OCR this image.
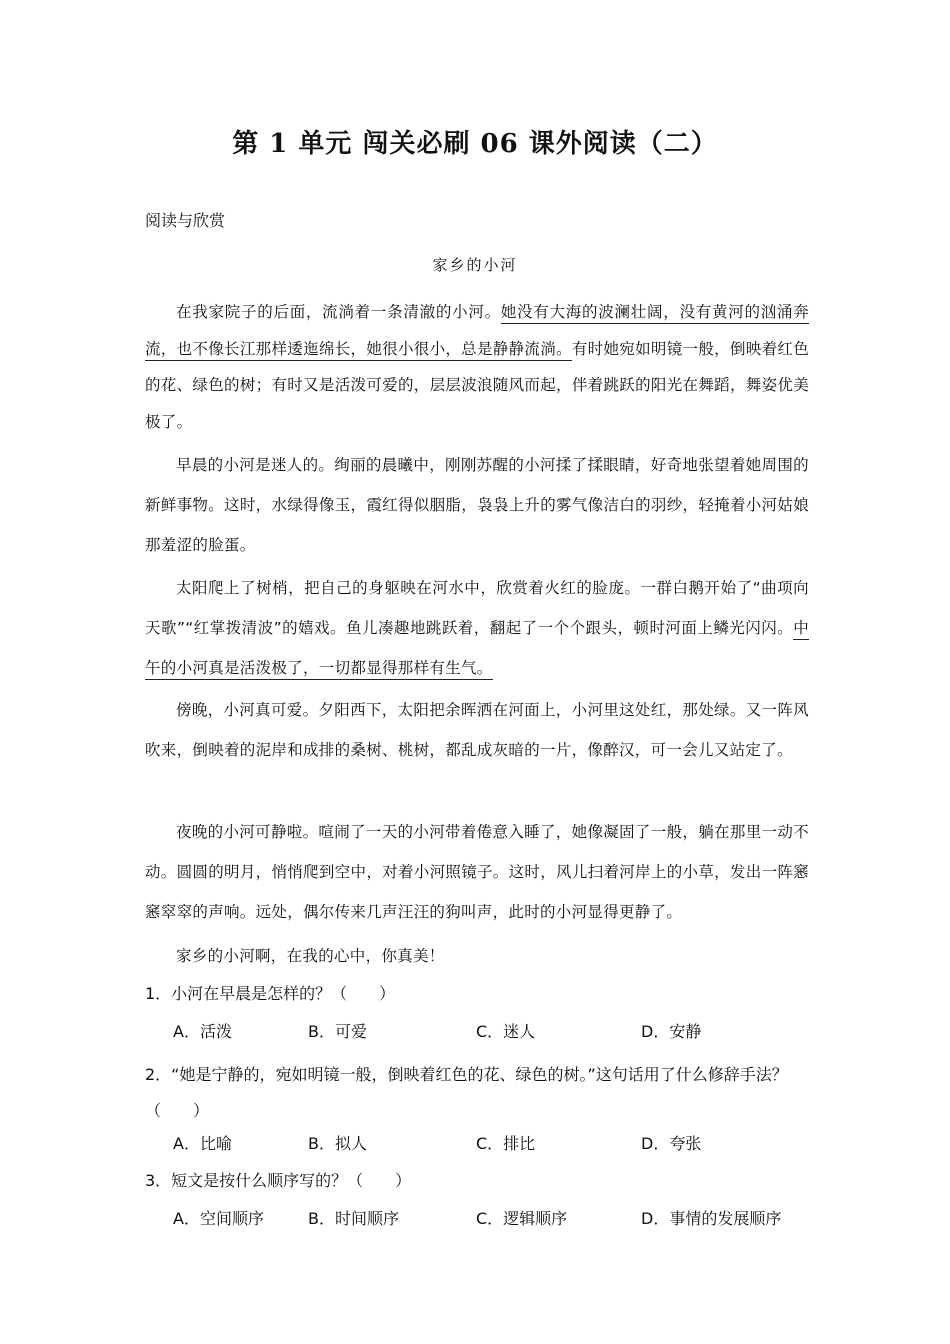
第 1 单元 闯关必刷 06 课外阅读（二）
阅读与欣赏
家乡的小河
在我家院子的后面，流淌着一条清澈的小河。她没有大海的波澜壮阔，没有黄河的汹涌奔流，也不像长江那样逶迤绵长，她很小很小，总是静静流淌。有时她宛如明镜一般，倒映着红色的花、绿色的树；有时又是活泼可爱的，层层波浪随风而起，伴着跳跃的阳光在舞蹈，舞姿优美极了。
早晨的小河是迷人的。绚丽的晨曦中，刚刚苏醒的小河揉了揉眼睛，好奇地张望着她周围的新鲜事物。这时，水绿得像玉，霞红得似胭脂，袅袅上升的雾气像洁白的羽纱，轻掩着小河姑娘那羞涩的脸蛋。
太阳爬上了树梢，把自己的身躯映在河水中，欣赏着火红的脸庞。一群白鹅开始了“曲项向天歌”“红掌拨清波”的嬉戏。鱼儿凑趣地跳跃着，翻起了一个个跟头，顿时河面上鳞光闪闪。中午的小河真是活泼极了，一切都显得那样有生气。
傍晚，小河真可爱。夕阳西下，太阳把余晖洒在河面上，小河里这处红，那处绿。又一阵风吹来，倒映着的泥岸和成排的桑树、桃树，都乱成灰暗的一片，像醉汉，可一会儿又站定了。
夜晚的小河可静啦。喧闹了一天的小河带着倦意入睡了，她像凝固了一般，躺在那里一动不动。圆圆的明月，悄悄爬到空中，对着小河照镜子。这时，风儿扫着河岸上的小草，发出一阵窸窸窣窣的声响。远处，偶尔传来几声汪汪的狗叫声，此时的小河显得更静了。
家乡的小河啊，在我的心中，你真美！
1．小河在早晨是怎样的？（　　）
A．活泼	B．可爱	C．迷人	D．安静
2．“她是宁静的，宛如明镜一般，倒映着红色的花、绿色的树。”这句话用了什么修辞手法？（　　）
A．比喻	B．拟人	C．排比	D．夸张
3．短文是按什么顺序写的？（　　）
A．空间顺序	B．时间顺序	C．逻辑顺序	D．事情的发展顺序
